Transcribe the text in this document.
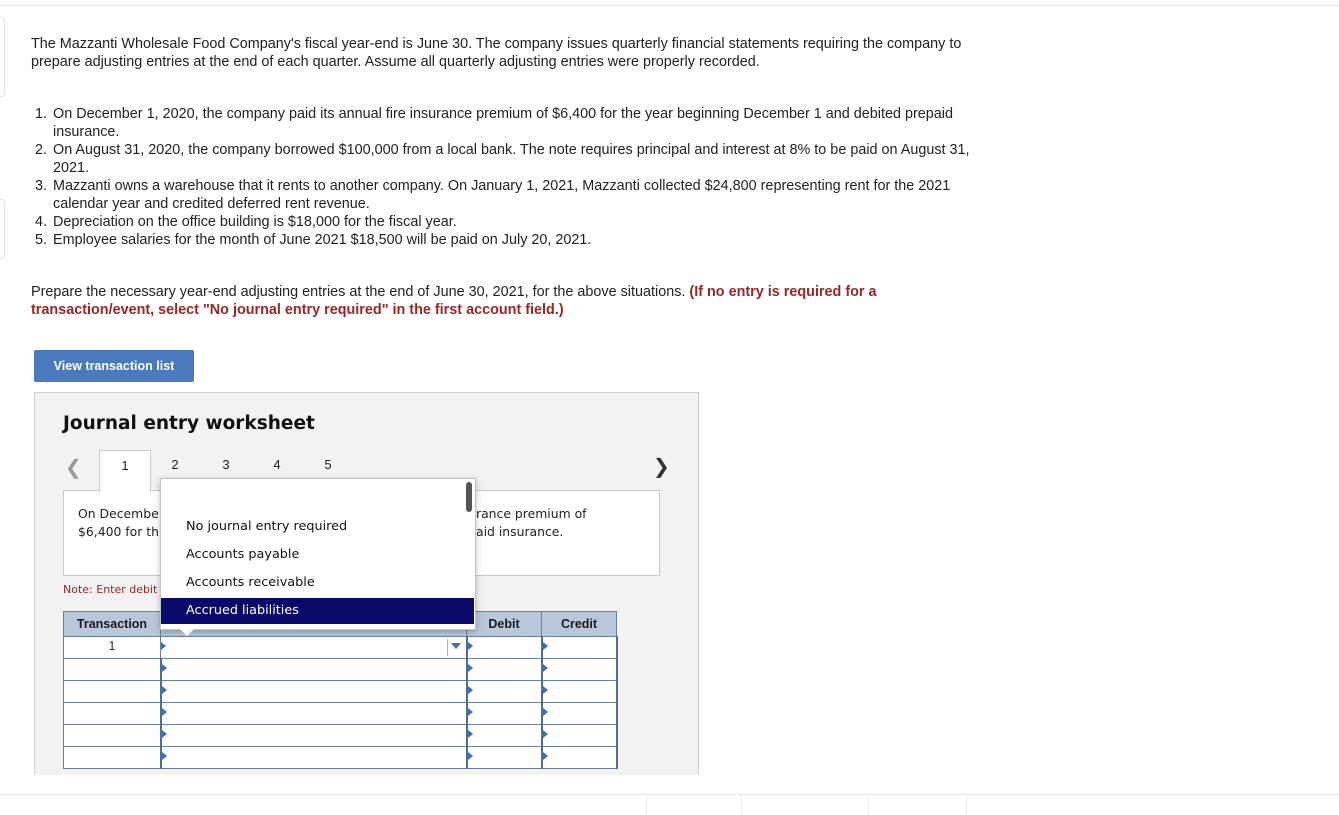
The Mazzanti Wholesale Food Company's fiscal year-end is June 30. The company issues quarterly financial statements requiring the company to prepare adjusting entries at the end of each quarter. Assume all quarterly adjusting entries were properly recorded.
1. On December 1, 2020, the company paid its annual fire insurance premium of $6,400 for the year beginning December 1 and debited prepaid insurance.
2. On August 31, 2020, the company borrowed $100,000 from a local bank. The note requires principal and interest at 8% to be paid on August 31, 2021.
3. Mazzanti owns a warehouse that it rents to another company. On January 1, 2021, Mazzanti collected $24,800 representing rent for the 2021 calendar year and credited deferred rent revenue.
4. Depreciation on the office building is $18,000 for the fiscal year.
5. Employee salaries for the month of June 2021 $18,500 will be paid on July 20, 2021.
Prepare the necessary year-end adjusting entries at the end of June 30, 2021, for the above situations. (If no entry is required for a transaction/event, select "No journal entry required" in the first account field.)
View transaction list
Journal entry worksheet
❮	1	2	3	4	5	❯
On Decembe
$6,400 for th
rance premium of
aid insurance.
Note: Enter debit
Transaction		Debit	Credit
1	

No journal entry required
Accounts payable
Accounts receivable
Accrued liabilities
